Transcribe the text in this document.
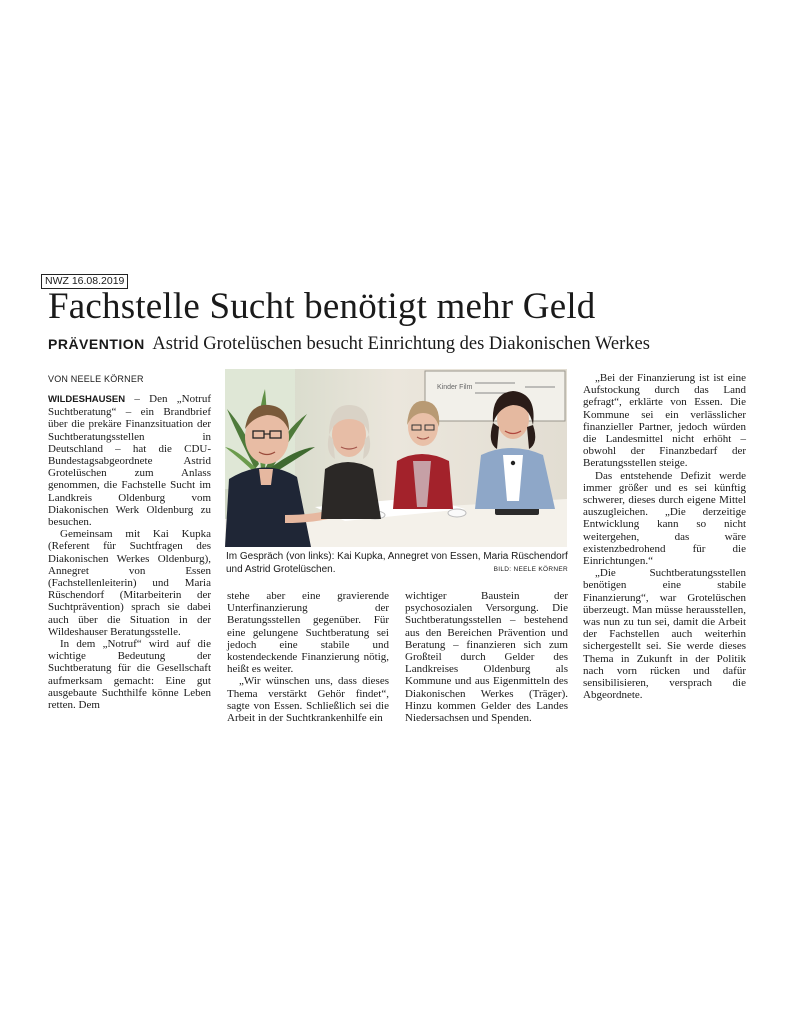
NWZ 16.08.2019
Fachstelle Sucht benötigt mehr Geld
PRÄVENTION Astrid Grotelüschen besucht Einrichtung des Diakonischen Werkes
VON NEELE KÖRNER

WILDESHAUSEN – Den „Notruf Suchtberatung“ – ein Brandbrief über die prekäre Finanzsituation der Suchtberatungsstellen in Deutschland – hat die CDU-Bundestagsabgeordnete Astrid Grotelüschen zum Anlass genommen, die Fachstelle Sucht im Landkreis Oldenburg vom Diakonischen Werk Oldenburg zu besuchen.

Gemeinsam mit Kai Kupka (Referent für Suchtfragen des Diakonischen Werkes Oldenburg), Annegret von Essen (Fachstellenleiterin) und Maria Rüschendorf (Mitarbeiterin der Suchtprävention) sprach sie dabei auch über die Situation in der Wildeshauser Beratungsstelle.

In dem „Notruf“ wird auf die wichtige Bedeutung der Suchtberatung für die Gesellschaft aufmerksam gemacht: Eine gut ausgebaute Suchthilfe könne Leben retten. Dem

Kinder Film
Im Gespräch (von links): Kai Kupka, Annegret von Essen, Maria Rüschendorf und Astrid Grotelüschen.	BILD: NEELE KÖRNER

stehe aber eine gravierende Unterfinanzierung der Beratungsstellen gegenüber. Für eine gelungene Suchtberatung sei jedoch eine stabile und kostendeckende Finanzierung nötig, heißt es weiter.

„Wir wünschen uns, dass dieses Thema verstärkt Gehör findet“, sagte von Essen. Schließlich sei die Arbeit in der Suchtkrankenhilfe ein

wichtiger Baustein der psychosozialen Versorgung. Die Suchtberatungsstellen – bestehend aus den Bereichen Prävention und Beratung – finanzieren sich zum Großteil durch Gelder des Landkreises Oldenburg als Kommune und aus Eigenmitteln des Diakonischen Werkes (Träger). Hinzu kommen Gelder des Landes Niedersachsen und Spenden.

„Bei der Finanzierung ist ist eine Aufstockung durch das Land gefragt“, erklärte von Essen. Die Kommune sei ein verlässlicher finanzieller Partner, jedoch würden die Landesmittel nicht erhöht – obwohl der Finanzbedarf der Beratungsstellen steige.

Das entstehende Defizit werde immer größer und es sei künftig schwerer, dieses durch eigene Mittel auszugleichen. „Die derzeitige Entwicklung kann so nicht weitergehen, das wäre existenzbedrohend für die Einrichtungen.“

„Die Suchtberatungsstellen benötigen eine stabile Finanzierung“, war Grotelüschen überzeugt. Man müsse herausstellen, was nun zu tun sei, damit die Arbeit der Fachstellen auch weiterhin sichergestellt sei. Sie werde dieses Thema in Zukunft in der Politik nach vorn rücken und dafür sensibilisieren, versprach die Abgeordnete.
